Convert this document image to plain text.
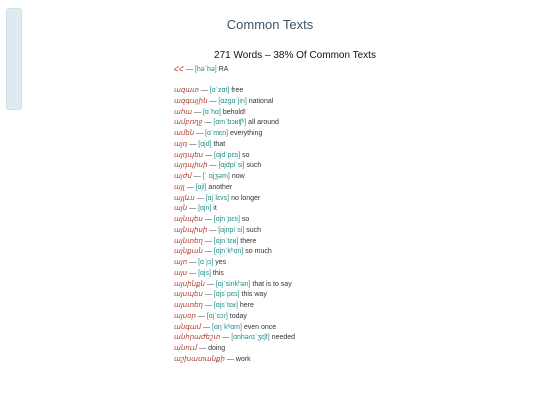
Common Texts
271 Words – 38% Of Common Texts
ՀՀ — [həˈhə] RA
ազատ — [ɑˈzɑt] free
ազգային — [ɑzgɑˈjin] national
ահա — [ɑˈhɑ] behold!
ամբողջ — [ɑmˈbɔʁʧʰ] all around
ամեն — [ɑˈmɛn] everything
այդ — [ɑjd] that
այդպես — [ɑjdˈpɛs] so
այդպիսի — [ɑjdpiˈsi] such
այժմ — [ˈ ɑjʒəm] now
այլ — [ɑjl] another
այլևս — [ɑjˈlɛvs] no longer
այն — [ɑjn] it
այնպես — [ɑjnˈpɛs] so
այնպիսի — [ɑjnpiˈsi] such
այնտեղ — [ɑjnˈtɛʁ] there
այնքան — [ɑjnˈkʰɑn] so much
այո — [ɑˈjɔ] yes
այս — [ɑjs] this
այսինքն — [ɑjˈsinkʰən] that is to say
այսպես — [ɑjsˈpɛs] this way
այստեղ — [ɑjsˈtɛʁ] here
այսօր — [ɑjˈsɔɾ] today
անգամ — [ɑŋˈkʰɑm] even once
անհրաժեշտ — [ɑnhəɾɑˈʒɛʃt] needed
անում — doing
աշխատանքի — work
